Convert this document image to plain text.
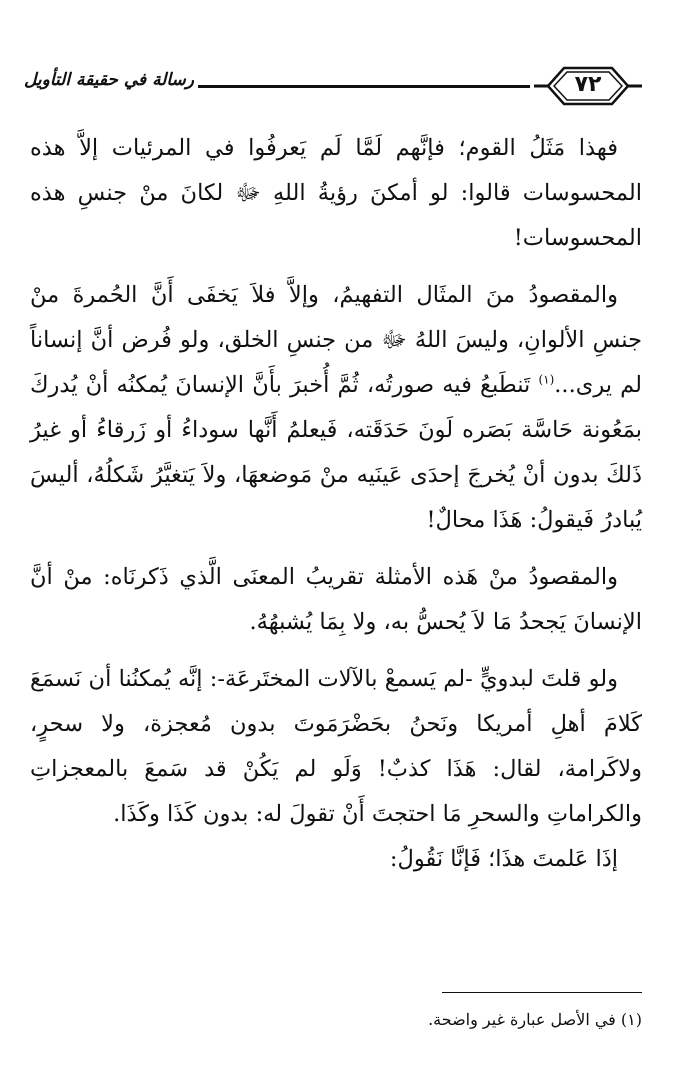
٧٢
رسالة في حقيقة التأويل

فهذا مَثَلُ القوم؛ فإنَّهم لَمَّا لَم يَعرفُوا في المرئيات إلاَّ هذه المحسوسات قالوا: لو أمكنَ رؤيةُ اللهِ ﷻ لكانَ منْ جنسِ هذه المحسوسات!

والمقصودُ منَ المثَال التفهيمُ، وإلاَّ فلاَ يَخفَى أَنَّ الحُمرةَ منْ جنسِ الألوانِ، وليسَ اللهُ ﷻ من جنسِ الخلق، ولو فُرض أنَّ إنساناً لم يرى...$^{(١)}$ تَنطَبعُ فيه صورتُه، ثُمَّ أُخبرَ بأَنَّ الإنسانَ يُمكنُه أنْ يُدركَ بمَعُونة حَاسَّة بَصَره لَونَ حَدَقَته، فَيعلمُ أَنَّها سوداءُ أو زَرقاءُ أو غيرُ ذَلكَ بدون أنْ يُخرجَ إحدَى عَينَيه منْ مَوضعهَا، ولاَ يَتغيَّرُ شَكلُهُ، أليسَ يُبادرُ فَيقولُ: هَذَا محالٌ!

والمقصودُ منْ هَذه الأمثلة تقريبُ المعنَى الَّذي ذَكرنَاه: منْ أنَّ الإنسانَ يَجحدُ مَا لاَ يُحسُّ به، ولا بِمَا يُشبهُهُ.

ولو قلتَ لبدويٍّ -لم يَسمعْ بالآلات المختَرعَة-: إنَّه يُمكنُنا أن نَسمَعَ كَلامَ أهلِ أمريكا ونَحنُ بحَضْرَمَوتَ بدون مُعجزة، ولا سحرٍ، ولاكَرامة، لقال: هَذَا كذبٌ! وَلَو لم يَكُنْ قد سَمعَ بالمعجزاتِ والكراماتِ والسحرِ مَا احتجتَ أَنْ تقولَ له: بدون كَذَا وكَذَا.

إذَا عَلمتَ هذَا؛ فَإنَّا نَقُولُ:

(١) في الأصل عبارة غير واضحة.
